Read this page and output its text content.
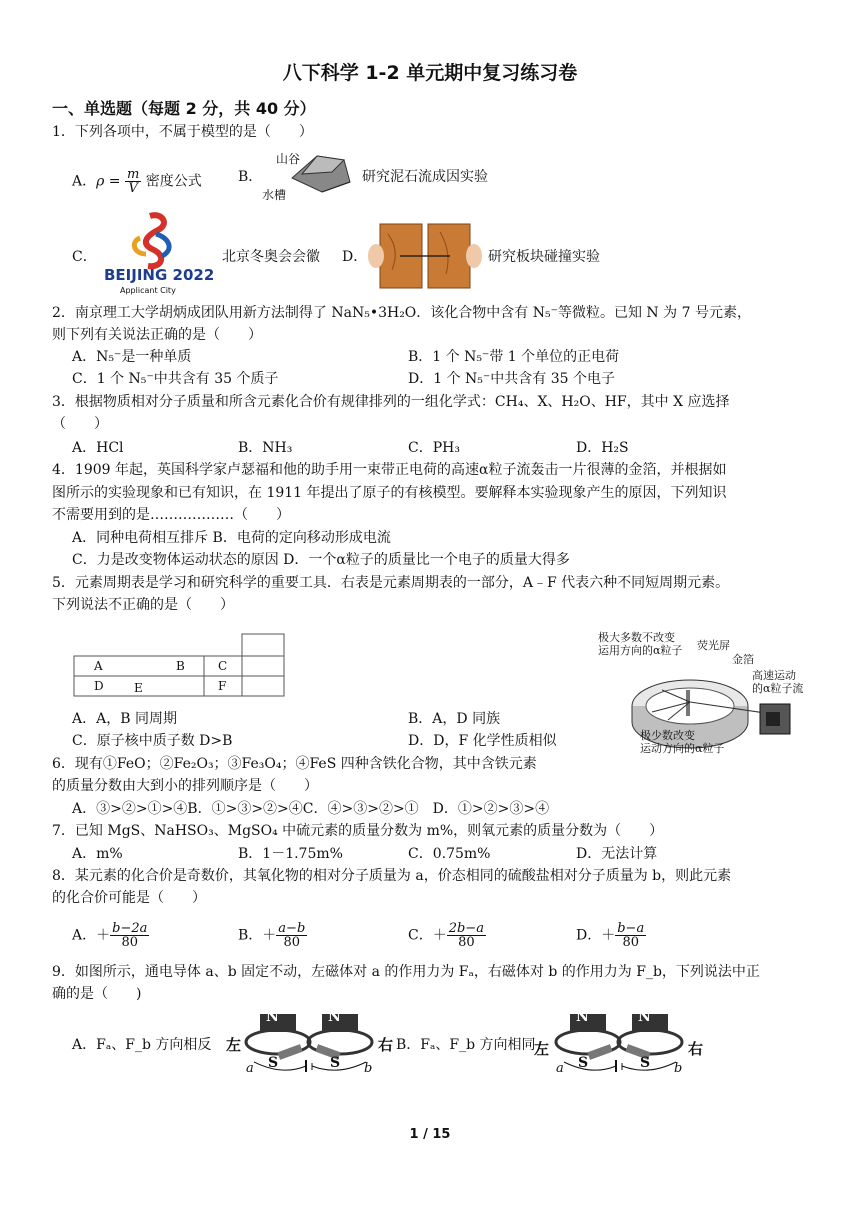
八下科学 1-2 单元期中复习练习卷
一、单选题（每题 2 分，共 40 分）
1．下列各项中，不属于模型的是（　　）
A．$\rho = \frac{m}{V}$ 密度公式	B．
山谷
水槽
研究泥石流成因实验
C．
BEIJING 2022
Applicant City
北京冬奥会会徽 D．	研究板块碰撞实验
2．南京理工大学胡炳成团队用新方法制得了 NaN₅•3H₂O．该化合物中含有 N₅⁻等微粒。已知 N 为 7 号元素，
则下列有关说法正确的是（　　）
A．N₅⁻是一种单质	B．1 个 N₅⁻带 1 个单位的正电荷
C．1 个 N₅⁻中共含有 35 个质子	D．1 个 N₅⁻中共含有 35 个电子
3．根据物质相对分子质量和所含元素化合价有规律排列的一组化学式：CH₄、X、H₂O、HF，其中 X 应选择
（　　）
A．HCl	B．NH₃	C．PH₃	D．H₂S
4．1909 年起，英国科学家卢瑟福和他的助手用一束带正电荷的高速α粒子流轰击一片很薄的金箔，并根据如
图所示的实验现象和已有知识，在 1911 年提出了原子的有核模型。要解释本实验现象产生的原因，下列知识
不需要用到的是………………（　　）
A．同种电荷相互排斥 B．电荷的定向移动形成电流
C．力是改变物体运动状态的原因 D．一个α粒子的质量比一个电子的质量大得多
5．元素周期表是学习和研究科学的重要工具．右表是元素周期表的一部分，A﹣F 代表六种不同短周期元素。
下列说法不正确的是（　　）
A	B	C
D	E	F
A．A，B 同周期	B．A，D 同族
C．原子核中质子数 D>B	D．D，F 化学性质相似
极大多数不改变
运用方向的α粒子 荧光屏
金箔
高速运动
的α粒子流
极少数改变
运动方向的α粒子
6．现有①FeO；②Fe₂O₃；③Fe₃O₄；④FeS 四种含铁化合物，其中含铁元素
的质量分数由大到小的排列顺序是（　　）
A．③>②>①>④B．①>③>②>④C．④>③>②>①　D．①>②>③>④
7．已知 MgS、NaHSO₃、MgSO₄ 中硫元素的质量分数为 m%，则氧元素的质量分数为（　　）
A．m%	B．1－1.75m%	C．0.75m%	D．无法计算
8．某元素的化合价是奇数价，其氧化物的相对分子质量为 a，价态相同的硫酸盐相对分子质量为 b，则此元素
的化合价可能是（　　）
A．＋ $\frac{b-2a}{80}$	B．＋ $\frac{a-b}{80}$	C．＋ $\frac{2b-a}{80}$	D．＋ $\frac{b-a}{80}$
9．如图所示，通电导体 a、b 固定不动，左磁体对 a 的作用力为 Fₐ，右磁体对 b 的作用力为 F_b，下列说法中正
确的是（　　)
A．Fₐ、F_b 方向相反 左	右
N	N
S	S
a	b
B．Fₐ、F_b 方向相同
左	右
N	N
S	S
a	b
1 / 15
